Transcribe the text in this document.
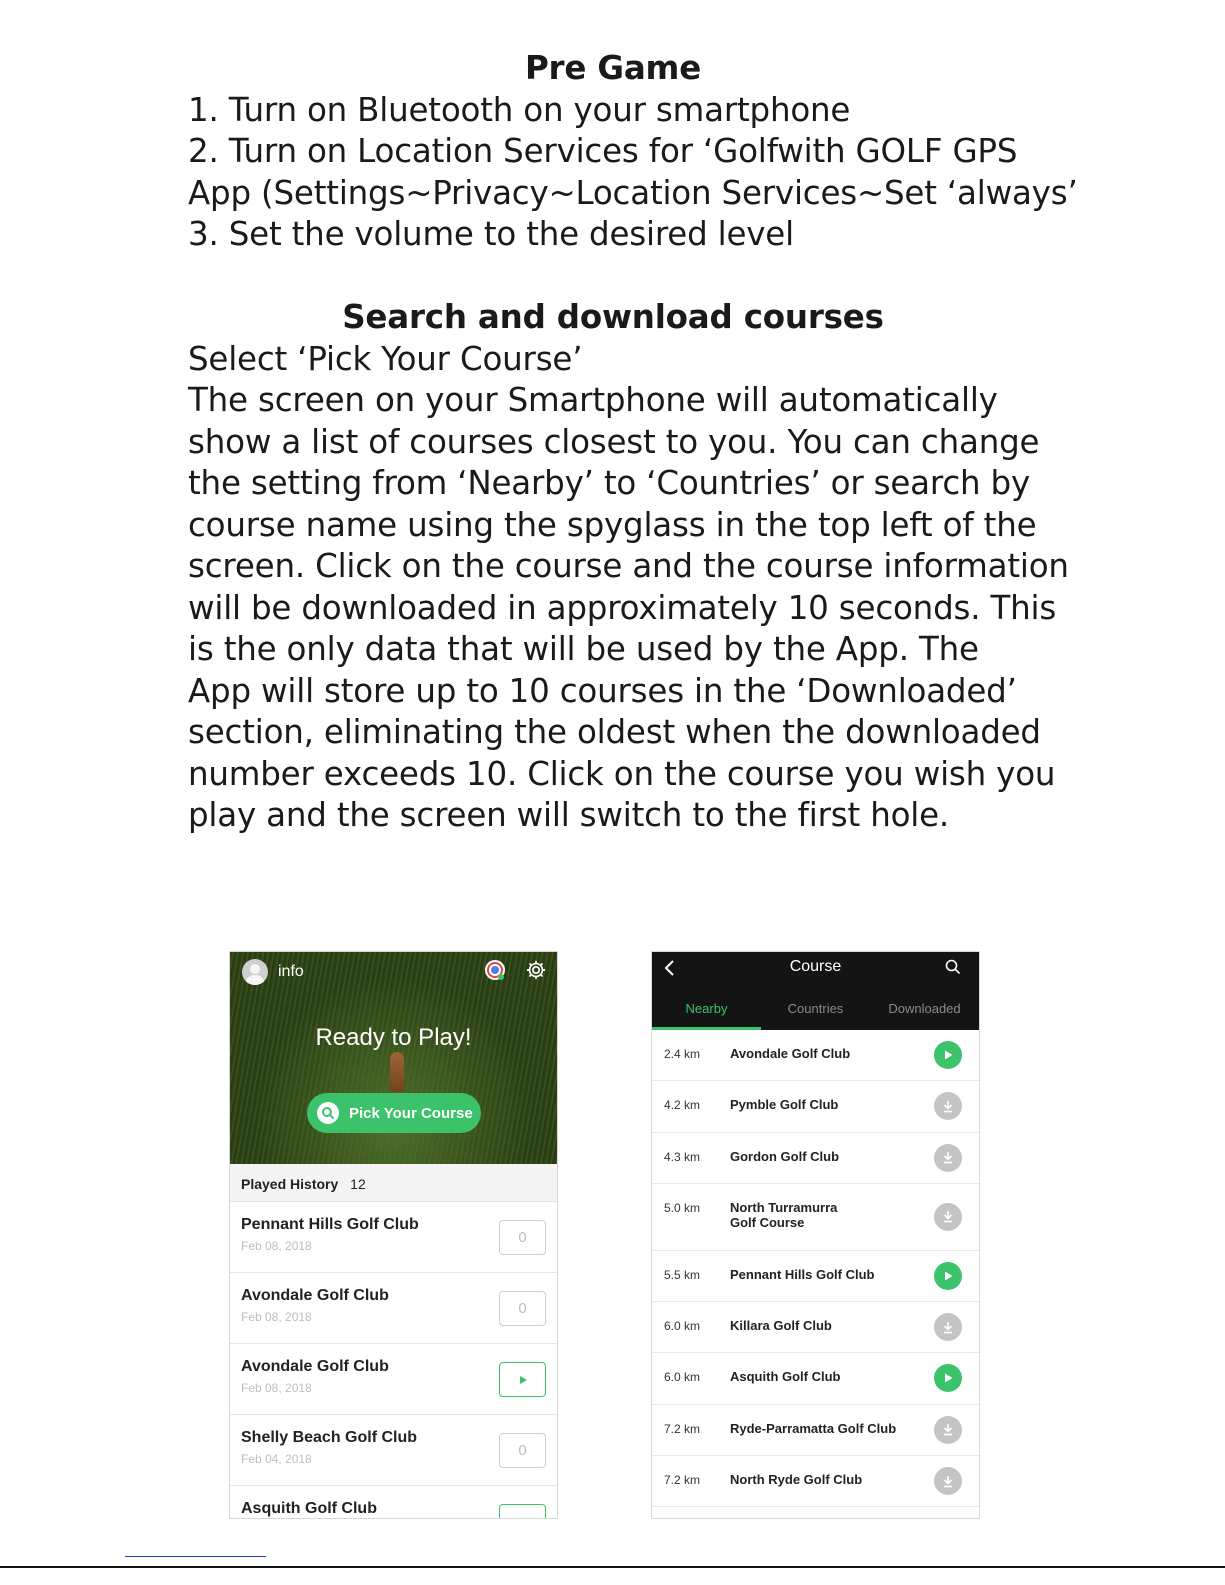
Pre Game
1. Turn on Bluetooth on your smartphone
2. Turn on Location Services for ‘Golfwith GOLF GPS
App (Settings~Privacy~Location Services~Set ‘always’
3. Set the volume to the desired level
Search and download courses
Select ‘Pick Your Course’
The screen on your Smartphone will automatically
show a list of courses closest to you. You can change
the setting from ‘Nearby’ to ‘Countries’ or search by
course name using the spyglass in the top left of the
screen. Click on the course and the course information
will be downloaded in approximately 10 seconds. This
is the only data that will be used by the App. The
App will store up to 10 courses in the ‘Downloaded’
section, eliminating the oldest when the downloaded
number exceeds 10. Click on the course you wish you
play and the screen will switch to the first hole.
info
Ready to Play!
Pick Your Course
Played History 12
Pennant Hills Golf Club
Feb 08, 2018	0
Avondale Golf Club
Feb 08, 2018	0
Avondale Golf Club
Feb 08, 2018
Shelly Beach Golf Club
Feb 04, 2018	0
Asquith Golf Club
Course
Nearby	Countries	Downloaded
2.4 km Avondale Golf Club
4.2 km Pymble Golf Club
4.3 km Gordon Golf Club
5.0 km North Turramurra
Golf Course
5.5 km Pennant Hills Golf Club
6.0 km Killara Golf Club
6.0 km Asquith Golf Club
7.2 km Ryde-Parramatta Golf Club
7.2 km North Ryde Golf Club
